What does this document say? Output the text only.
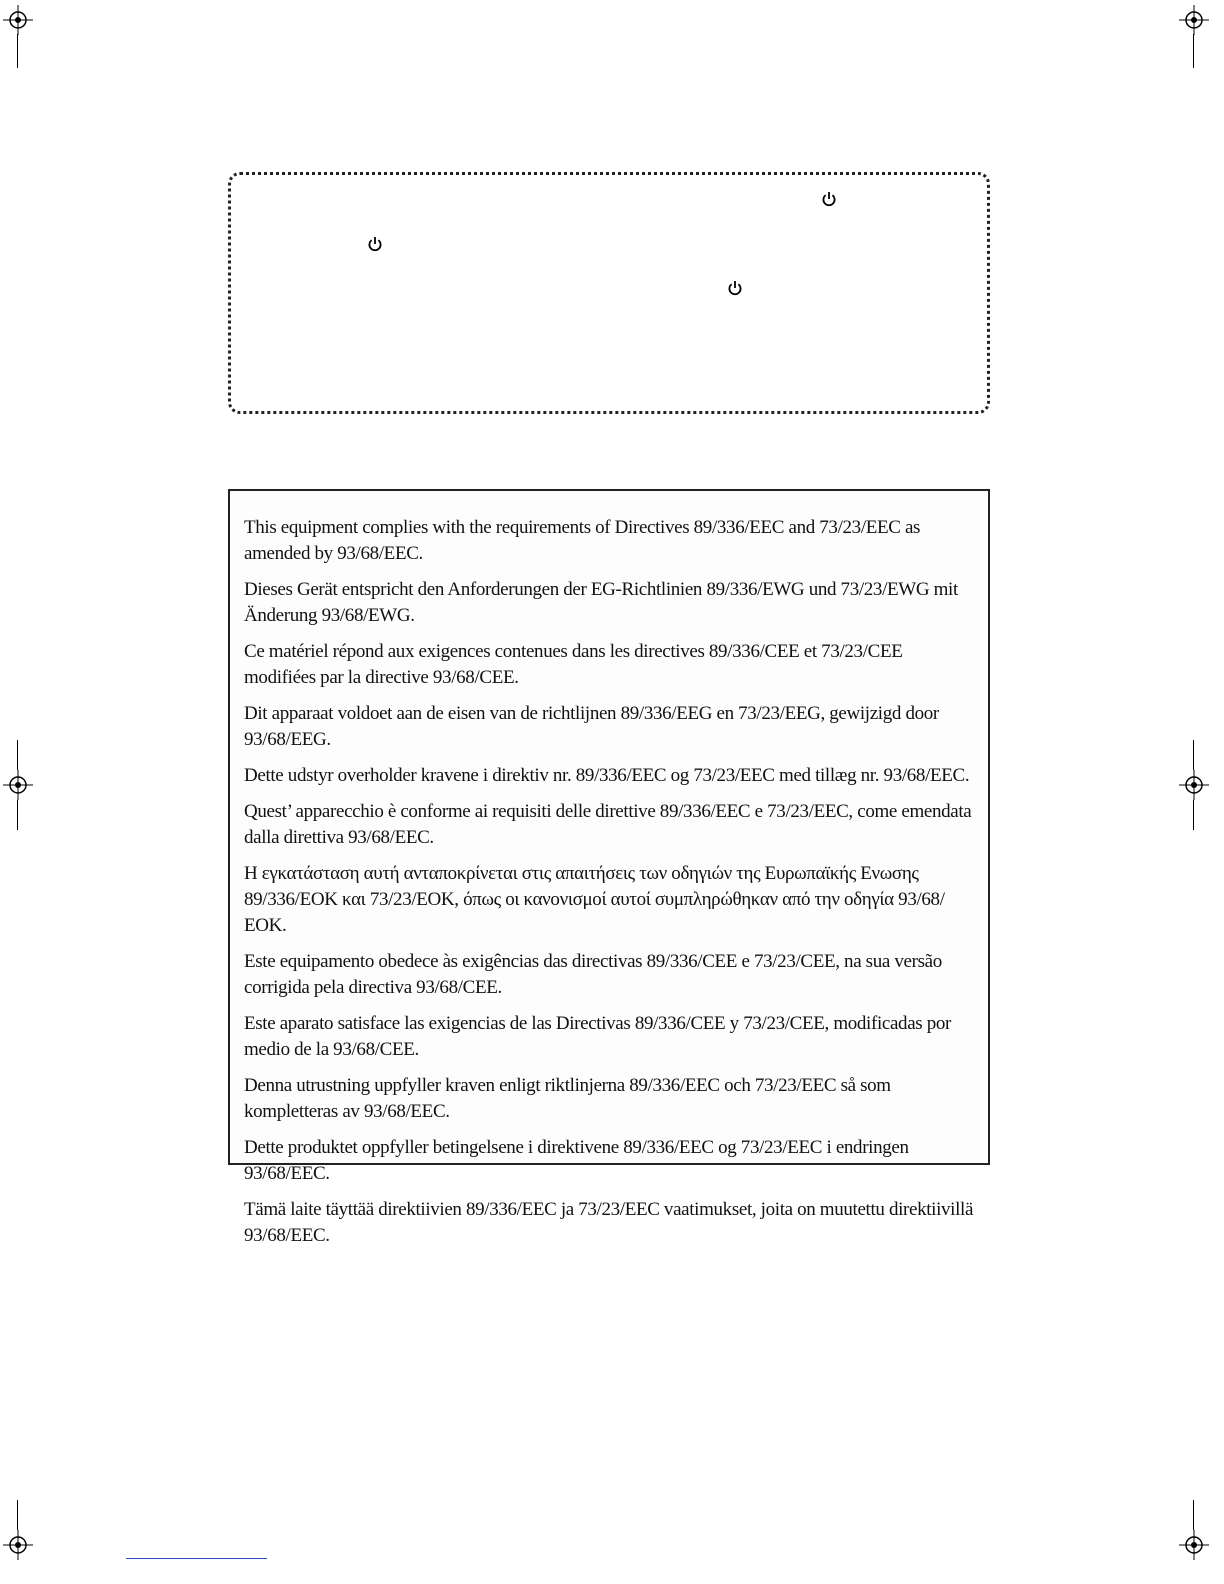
This equipment complies with the requirements of Directives 89/336/EEC and 73/23/EEC as amended by 93/68/EEC.

Dieses Gerät entspricht den Anforderungen der EG-Richtlinien 89/336/EWG und 73/23/EWG mit Änderung 93/68/EWG.

Ce matériel répond aux exigences contenues dans les directives 89/336/CEE et 73/23/CEE modifiées par la directive 93/68/CEE.

Dit apparaat voldoet aan de eisen van de richtlijnen 89/336/EEG en 73/23/EEG, gewijzigd door 93/68/EEG.

Dette udstyr overholder kravene i direktiv nr. 89/336/EEC og 73/23/EEC med tillæg nr. 93/68/EEC.

Quest’ apparecchio è conforme ai requisiti delle direttive 89/336/EEC e 73/23/EEC, come emendata dalla direttiva 93/68/EEC.

Η εγκατάσταση αυτή ανταποκρίνεται στις απαιτήσεις των οδηγιών της Ευρωπαϊκής Ενωσης 89/336/ΕΟΚ και 73/23/ΕΟΚ, όπως οι κανονισμοί αυτοί συμπληρώθηκαν από την οδηγία 93/68/ΕΟΚ.

Este equipamento obedece às exigências das directivas 89/336/CEE e 73/23/CEE, na sua versão corrigida pela directiva 93/68/CEE.

Este aparato satisface las exigencias de las Directivas 89/336/CEE y 73/23/CEE, modificadas por medio de la 93/68/CEE.

Denna utrustning uppfyller kraven enligt riktlinjerna 89/336/EEC och 73/23/EEC så som kompletteras av 93/68/EEC.

Dette produktet oppfyller betingelsene i direktivene 89/336/EEC og 73/23/EEC i endringen 93/68/EEC.

Tämä laite täyttää direktiivien 89/336/EEC ja 73/23/EEC vaatimukset, joita on muutettu direktiivillä 93/68/EEC.
